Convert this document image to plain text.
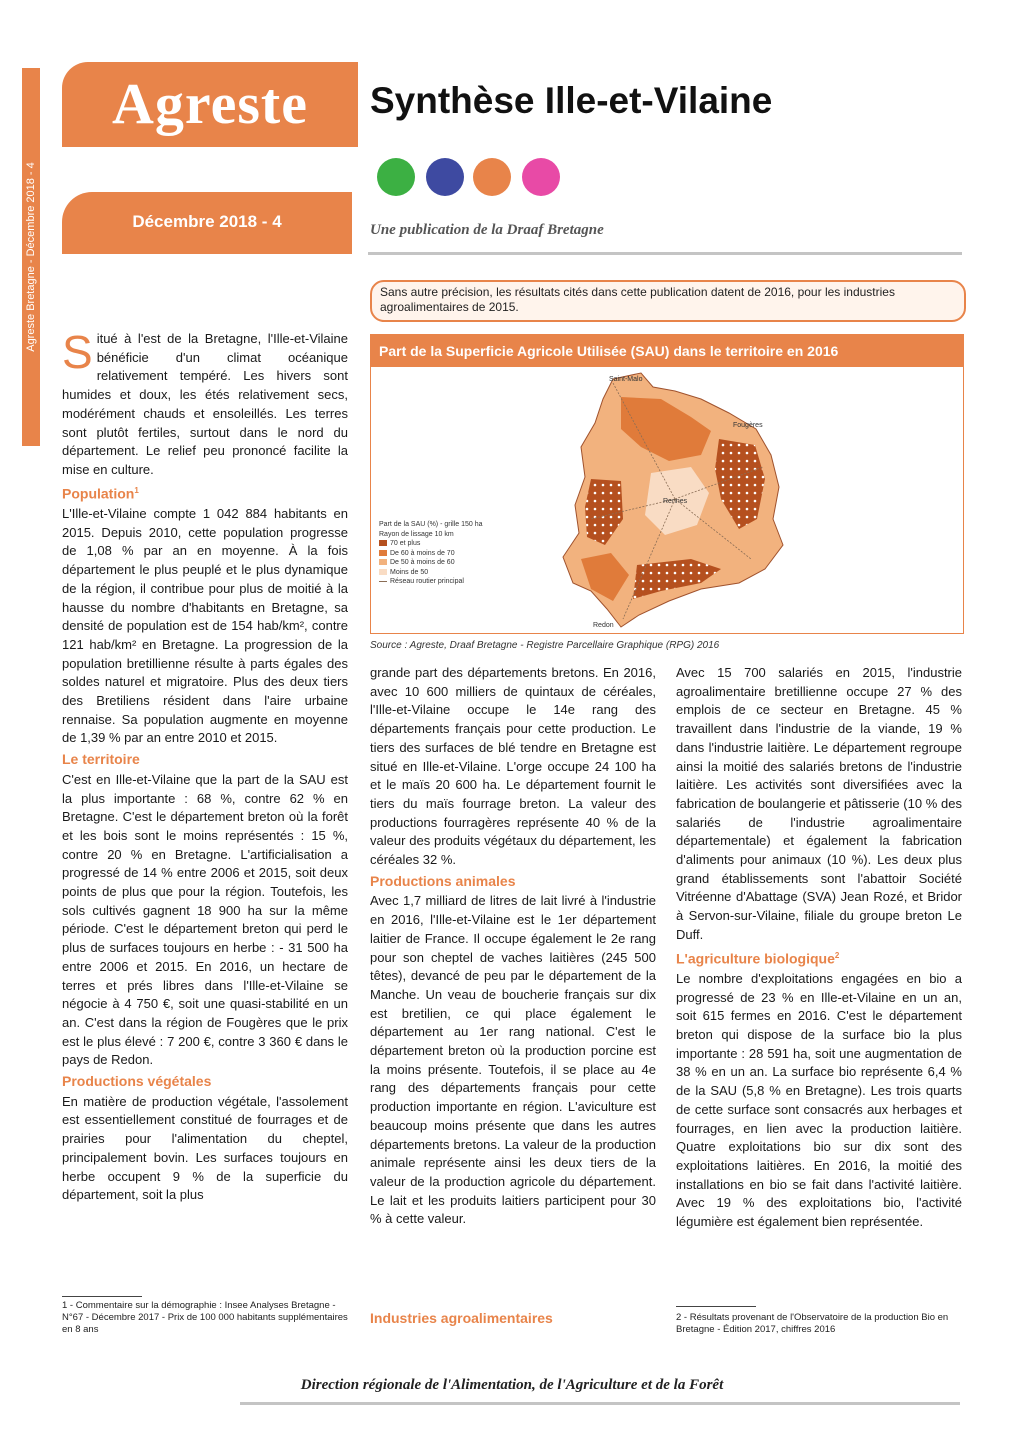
Agreste Bretagne - Décembre 2018 - 4
Agreste	Synthèse Ille-et-Vilaine
Décembre 2018 - 4	Une publication de la Draaf Bretagne
Sans autre précision, les résultats cités dans cette publication datent de 2016, pour les industries agroalimentaires de 2015.
Part de la Superficie Agricole Utilisée (SAU) dans le territoire en 2016
Saint-Malo
Fougères
Rennes
Redon
Part de la SAU (%) - grille 150 ha
Rayon de lissage 10 km
70 et plus
De 60 à moins de 70
De 50 à moins de 60
Moins de 50
Réseau routier principal
Source : Agreste, Draaf Bretagne - Registre Parcellaire Graphique (RPG) 2016

Situé à l'est de la Bretagne, l'Ille-et-Vilaine bénéficie d'un climat océanique relativement tempéré. Les hivers sont humides et doux, les étés relativement secs, modérément chauds et ensoleillés. Les terres sont plutôt fertiles, surtout dans le nord du département. Le relief peu prononcé facilite la mise en culture.

Population$^1$

L'Ille-et-Vilaine compte 1 042 884 habitants en 2015. Depuis 2010, cette population progresse de 1,08 % par an en moyenne. À la fois département le plus peuplé et le plus dynamique de la région, il contribue pour plus de moitié à la hausse du nombre d'habitants en Bretagne, sa densité de population est de 154 hab/km², contre 121 hab/km² en Bretagne. La progression de la population bretillienne résulte à parts égales des soldes naturel et migratoire. Plus des deux tiers des Bretiliens résident dans l'aire urbaine rennaise. Sa population augmente en moyenne de 1,39 % par an entre 2010 et 2015.

Le territoire

C'est en Ille-et-Vilaine que la part de la SAU est la plus importante : 68 %, contre 62 % en Bretagne. C'est le département breton où la forêt et les bois sont le moins représentés : 15 %, contre 20 % en Bretagne. L'artificialisation a progressé de 14 % entre 2006 et 2015, soit deux points de plus que pour la région. Toutefois, les sols cultivés gagnent 18 900 ha sur la même période. C'est le département breton qui perd le plus de surfaces toujours en herbe : - 31 500 ha entre 2006 et 2015. En 2016, un hectare de terres et prés libres dans l'Ille-et-Vilaine se négocie à 4 750 €, soit une quasi-stabilité en un an. C'est dans la région de Fougères que le prix est le plus élevé : 7 200 €, contre 3 360 € dans le pays de Redon.

Productions végétales

En matière de production végétale, l'assolement est essentiellement constitué de fourrages et de prairies pour l'alimentation du cheptel, principalement bovin. Les surfaces toujours en herbe occupent 9 % de la superficie du département, soit la plus

1 - Commentaire sur la démographie : Insee Analyses Bretagne - N°67 - Décembre 2017 - Prix de 100 000 habitants supplémentaires en 8 ans

grande part des départements bretons. En 2016, avec 10 600 milliers de quintaux de céréales, l'Ille-et-Vilaine occupe le 14e rang des départements français pour cette production. Le tiers des surfaces de blé tendre en Bretagne est situé en Ille-et-Vilaine. L'orge occupe 24 100 ha et le maïs 20 600 ha. Le département fournit le tiers du maïs fourrage breton. La valeur des productions fourragères représente 40 % de la valeur des produits végétaux du département, les céréales 32 %.

Productions animales

Avec 1,7 milliard de litres de lait livré à l'industrie en 2016, l'Ille-et-Vilaine est le 1er département laitier de France. Il occupe également le 2e rang pour son cheptel de vaches laitières (245 500 têtes), devancé de peu par le département de la Manche. Un veau de boucherie français sur dix est bretilien, ce qui place également le département au 1er rang national. C'est le département breton où la production porcine est la moins présente. Toutefois, il se place au 4e rang des départements français pour cette production importante en région. L'aviculture est beaucoup moins présente que dans les autres départements bretons. La valeur de la production animale représente ainsi les deux tiers de la valeur de la production agricole du département. Le lait et les produits laitiers participent pour 30 % à cette valeur.

Industries agroalimentaires

Avec 15 700 salariés en 2015, l'industrie agroalimentaire bretillienne occupe 27 % des emplois de ce secteur en Bretagne. 45 % travaillent dans l'industrie de la viande, 19 % dans l'industrie laitière. Le département regroupe ainsi la moitié des salariés bretons de l'industrie laitière. Les activités sont diversifiées avec la fabrication de boulangerie et pâtisserie (10 % des salariés de l'industrie agroalimentaire départementale) et également la fabrication d'aliments pour animaux (10 %). Les deux plus grand établissements sont l'abattoir Société Vitréenne d'Abattage (SVA) Jean Rozé, et Bridor à Servon-sur-Vilaine, filiale du groupe breton Le Duff.

L'agriculture biologique$^2$

Le nombre d'exploitations engagées en bio a progressé de 23 % en Ille-et-Vilaine en un an, soit 615 fermes en 2016. C'est le département breton qui dispose de la surface bio la plus importante : 28 591 ha, soit une augmentation de 38 % en un an. La surface bio représente 6,4 % de la SAU (5,8 % en Bretagne). Les trois quarts de cette surface sont consacrés aux herbages et fourrages, en lien avec la production laitière. Quatre exploitations bio sur dix sont des exploitations laitières. En 2016, la moitié des installations en bio se fait dans l'activité laitière. Avec 19 % des exploitations bio, l'activité légumière est également bien représentée.

2 - Résultats provenant de l'Observatoire de la production Bio en Bretagne - Édition 2017, chiffres 2016
Direction régionale de l'Alimentation, de l'Agriculture et de la Forêt
